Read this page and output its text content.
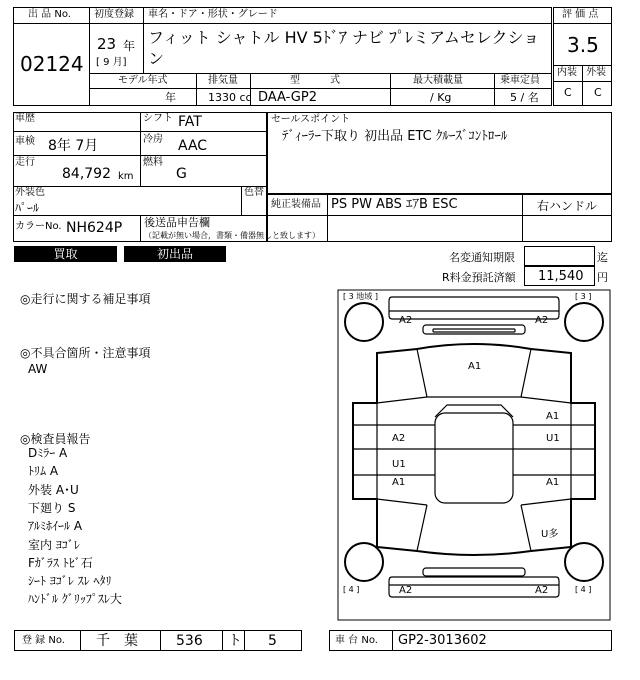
出 品 No.
02124
初度登録 車名・ドア・形状・グレード
23 年
[ 9 月]
フィット シャトル HV 5ﾄﾞｱ ナビ ﾌﾟﾚミアムセレクショ
ン
モデル年式	排気量	型　　　式	最大積載量	乗車定員
年	1330 cc DAA-GP2	/ Kg	5 / 名
評 価 点
3.5
内装 外装
C C
車歴	シフト FAT
車検 8年 7月	冷房 AAC
走行
84,792 km
燃料
G
外装色
ﾊﾟｰﾙ
色替
カラーNo. NH624P 後送品申告欄
（記載が無い場合，書類・備器無しと致します）
セールスポイント
ﾃﾞｨｰﾗｰ下取り 初出品 ETC ｸﾙｰｽﾞｺﾝﾄﾛｰﾙ
純正装備品 PS PW ABS ｴｱB ESC	右ハンドル
買取	初出品	名変通知期限	迄
R料金預託済額 11,540 円
◎走行に関する補足事項
◎不具合箇所・注意事項
AW
◎検査員報告
Dﾐﾗｰ A
ﾄﾘﾑ A
外装 A･U
下廻り S
ｱﾙﾐﾎｲｰﾙ A
室内 ﾖｺﾞﾚ
Fｶﾞﾗｽ ﾄﾋﾞ石
ｼｰﾄ ﾖｺﾞﾚ ｽﾚ ﾍﾀﾘ
ﾊﾝﾄﾞﾙ ｸﾞﾘｯﾌﾟｽﾚ大
[ 3 地域 ]	[ 3 ]
[ 4 ]	[ 4 ]
A2	A2
A1
A2
A1
U1
U1
A1	A1
U多
A2	A2
登 録 No. 千　葉	536 ト 5	車 台 No. GP2-3013602
